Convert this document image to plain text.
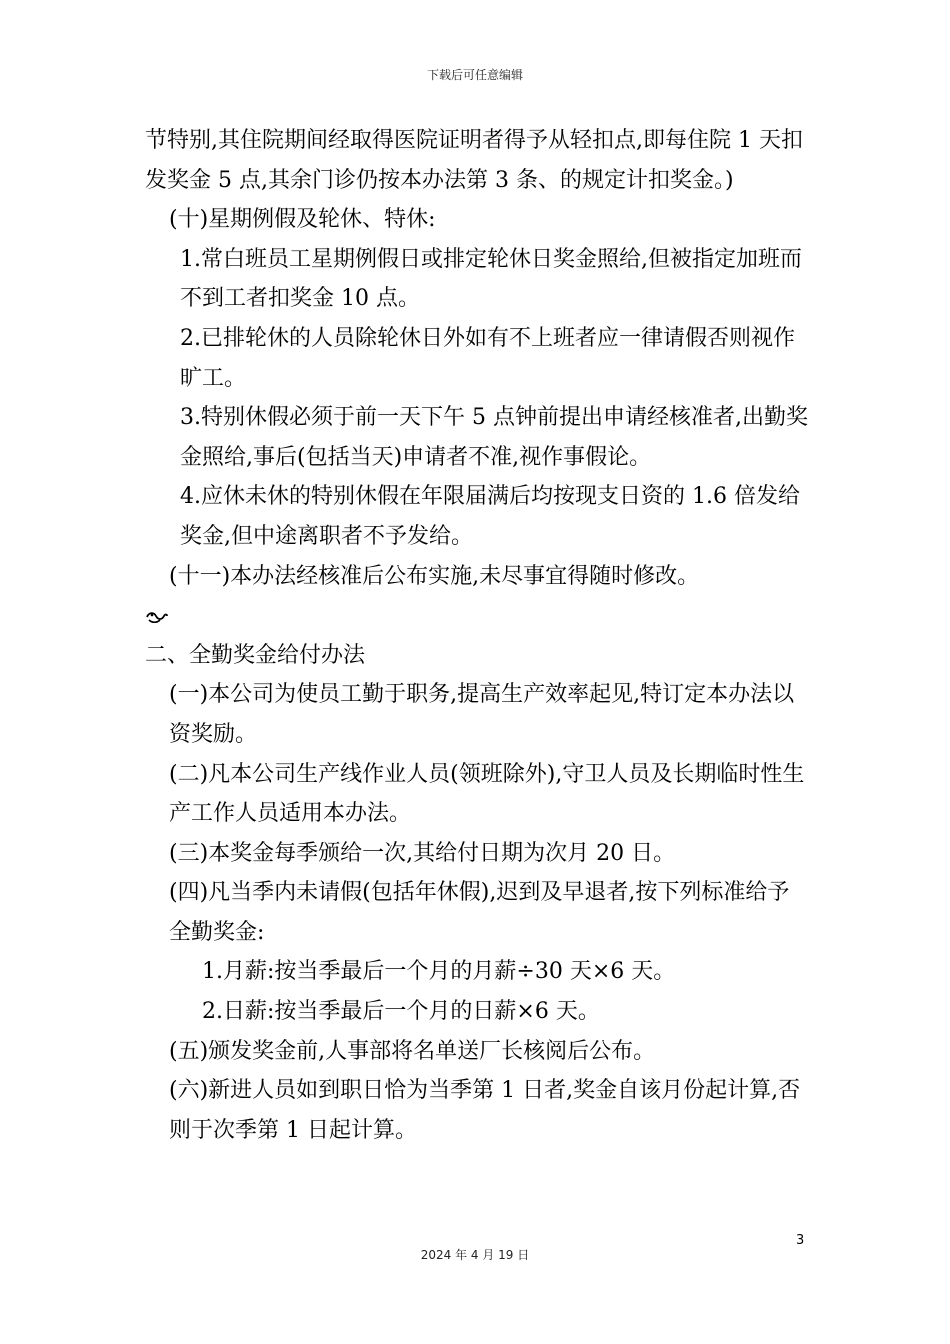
下载后可任意编辑

节特别,其住院期间经取得医院证明者得予从轻扣点,即每住院 1 天扣发奖金 5 点,其余门诊仍按本办法第 3 条、的规定计扣奖金。)

(十)星期例假及轮休、特休:

1.常白班员工星期例假日或排定轮休日奖金照给,但被指定加班而不到工者扣奖金 10 点。

2.已排轮休的人员除轮休日外如有不上班者应一律请假否则视作旷工。

3.特别休假必须于前一天下午 5 点钟前提出申请经核准者,出勤奖金照给,事后(包括当天)申请者不准,视作事假论。

4.应休未休的特别休假在年限届满后均按现支日资的 1.6 倍发给奖金,但中途离职者不予发给。

(十一)本办法经核准后公布实施,未尽事宜得随时修改。

二、全勤奖金给付办法

(一)本公司为使员工勤于职务,提高生产效率起见,特订定本办法以资奖励。

(二)凡本公司生产线作业人员(领班除外),守卫人员及长期临时性生产工作人员适用本办法。

(三)本奖金每季颁给一次,其给付日期为次月 20 日。

(四)凡当季内未请假(包括年休假),迟到及早退者,按下列标准给予全勤奖金:

1.月薪:按当季最后一个月的月薪÷30 天×6 天。

2.日薪:按当季最后一个月的日薪×6 天。

(五)颁发奖金前,人事部将名单送厂长核阅后公布。

(六)新进人员如到职日恰为当季第 1 日者,奖金自该月份起计算,否则于次季第 1 日起计算。

3
2024 年 4 月 19 日
